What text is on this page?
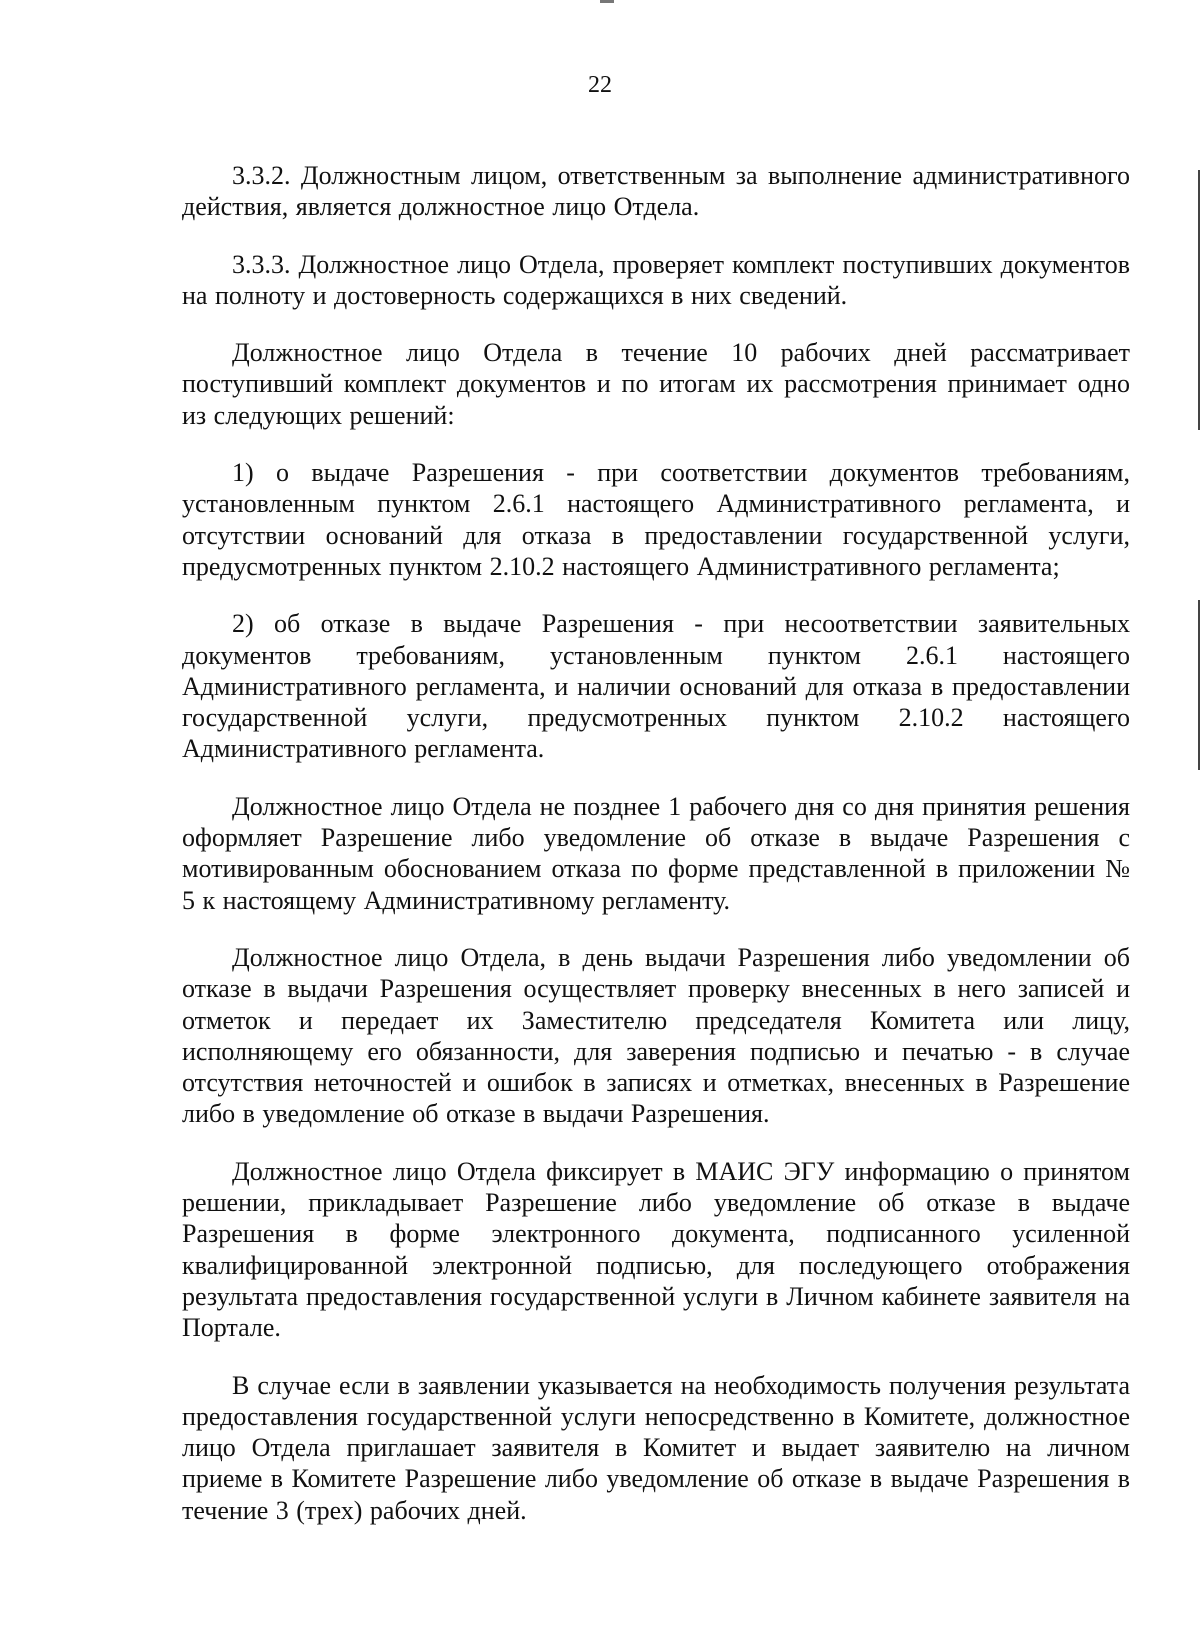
22

3.3.2. Должностным лицом, ответственным за выполнение административного действия, является должностное лицо Отдела.

3.3.3. Должностное лицо Отдела, проверяет комплект поступивших документов на полноту и достоверность содержащихся в них сведений.

Должностное лицо Отдела в течение 10 рабочих дней рассматривает поступивший комплект документов и по итогам их рассмотрения принимает одно из следующих решений:

1) о выдаче Разрешения - при соответствии документов требованиям, установленным пунктом 2.6.1 настоящего Административного регламента, и отсутствии оснований для отказа в предоставлении государственной услуги, предусмотренных пунктом 2.10.2 настоящего Административного регламента;

2) об отказе в выдаче Разрешения - при несоответствии заявительных документов требованиям, установленным пунктом 2.6.1 настоящего Административного регламента, и наличии оснований для отказа в предоставлении государственной услуги, предусмотренных пунктом 2.10.2 настоящего Административного регламента.

Должностное лицо Отдела не позднее 1 рабочего дня со дня принятия решения оформляет Разрешение либо уведомление об отказе в выдаче Разрешения с мотивированным обоснованием отказа по форме представленной в приложении № 5 к настоящему Административному регламенту.

Должностное лицо Отдела, в день выдачи Разрешения либо уведомлении об отказе в выдачи Разрешения осуществляет проверку внесенных в него записей и отметок и передает их Заместителю председателя Комитета или лицу, исполняющему его обязанности, для заверения подписью и печатью - в случае отсутствия неточностей и ошибок в записях и отметках, внесенных в Разрешение либо в уведомление об отказе в выдачи Разрешения.

Должностное лицо Отдела фиксирует в МАИС ЭГУ информацию о принятом решении, прикладывает Разрешение либо уведомление об отказе в выдаче Разрешения в форме электронного документа, подписанного усиленной квалифицированной электронной подписью, для последующего отображения результата предоставления государственной услуги в Личном кабинете заявителя на Портале.

В случае если в заявлении указывается на необходимость получения результата предоставления государственной услуги непосредственно в Комитете, должностное лицо Отдела приглашает заявителя в Комитет и выдает заявителю на личном приеме в Комитете Разрешение либо уведомление об отказе в выдаче Разрешения в течение 3 (трех) рабочих дней.
